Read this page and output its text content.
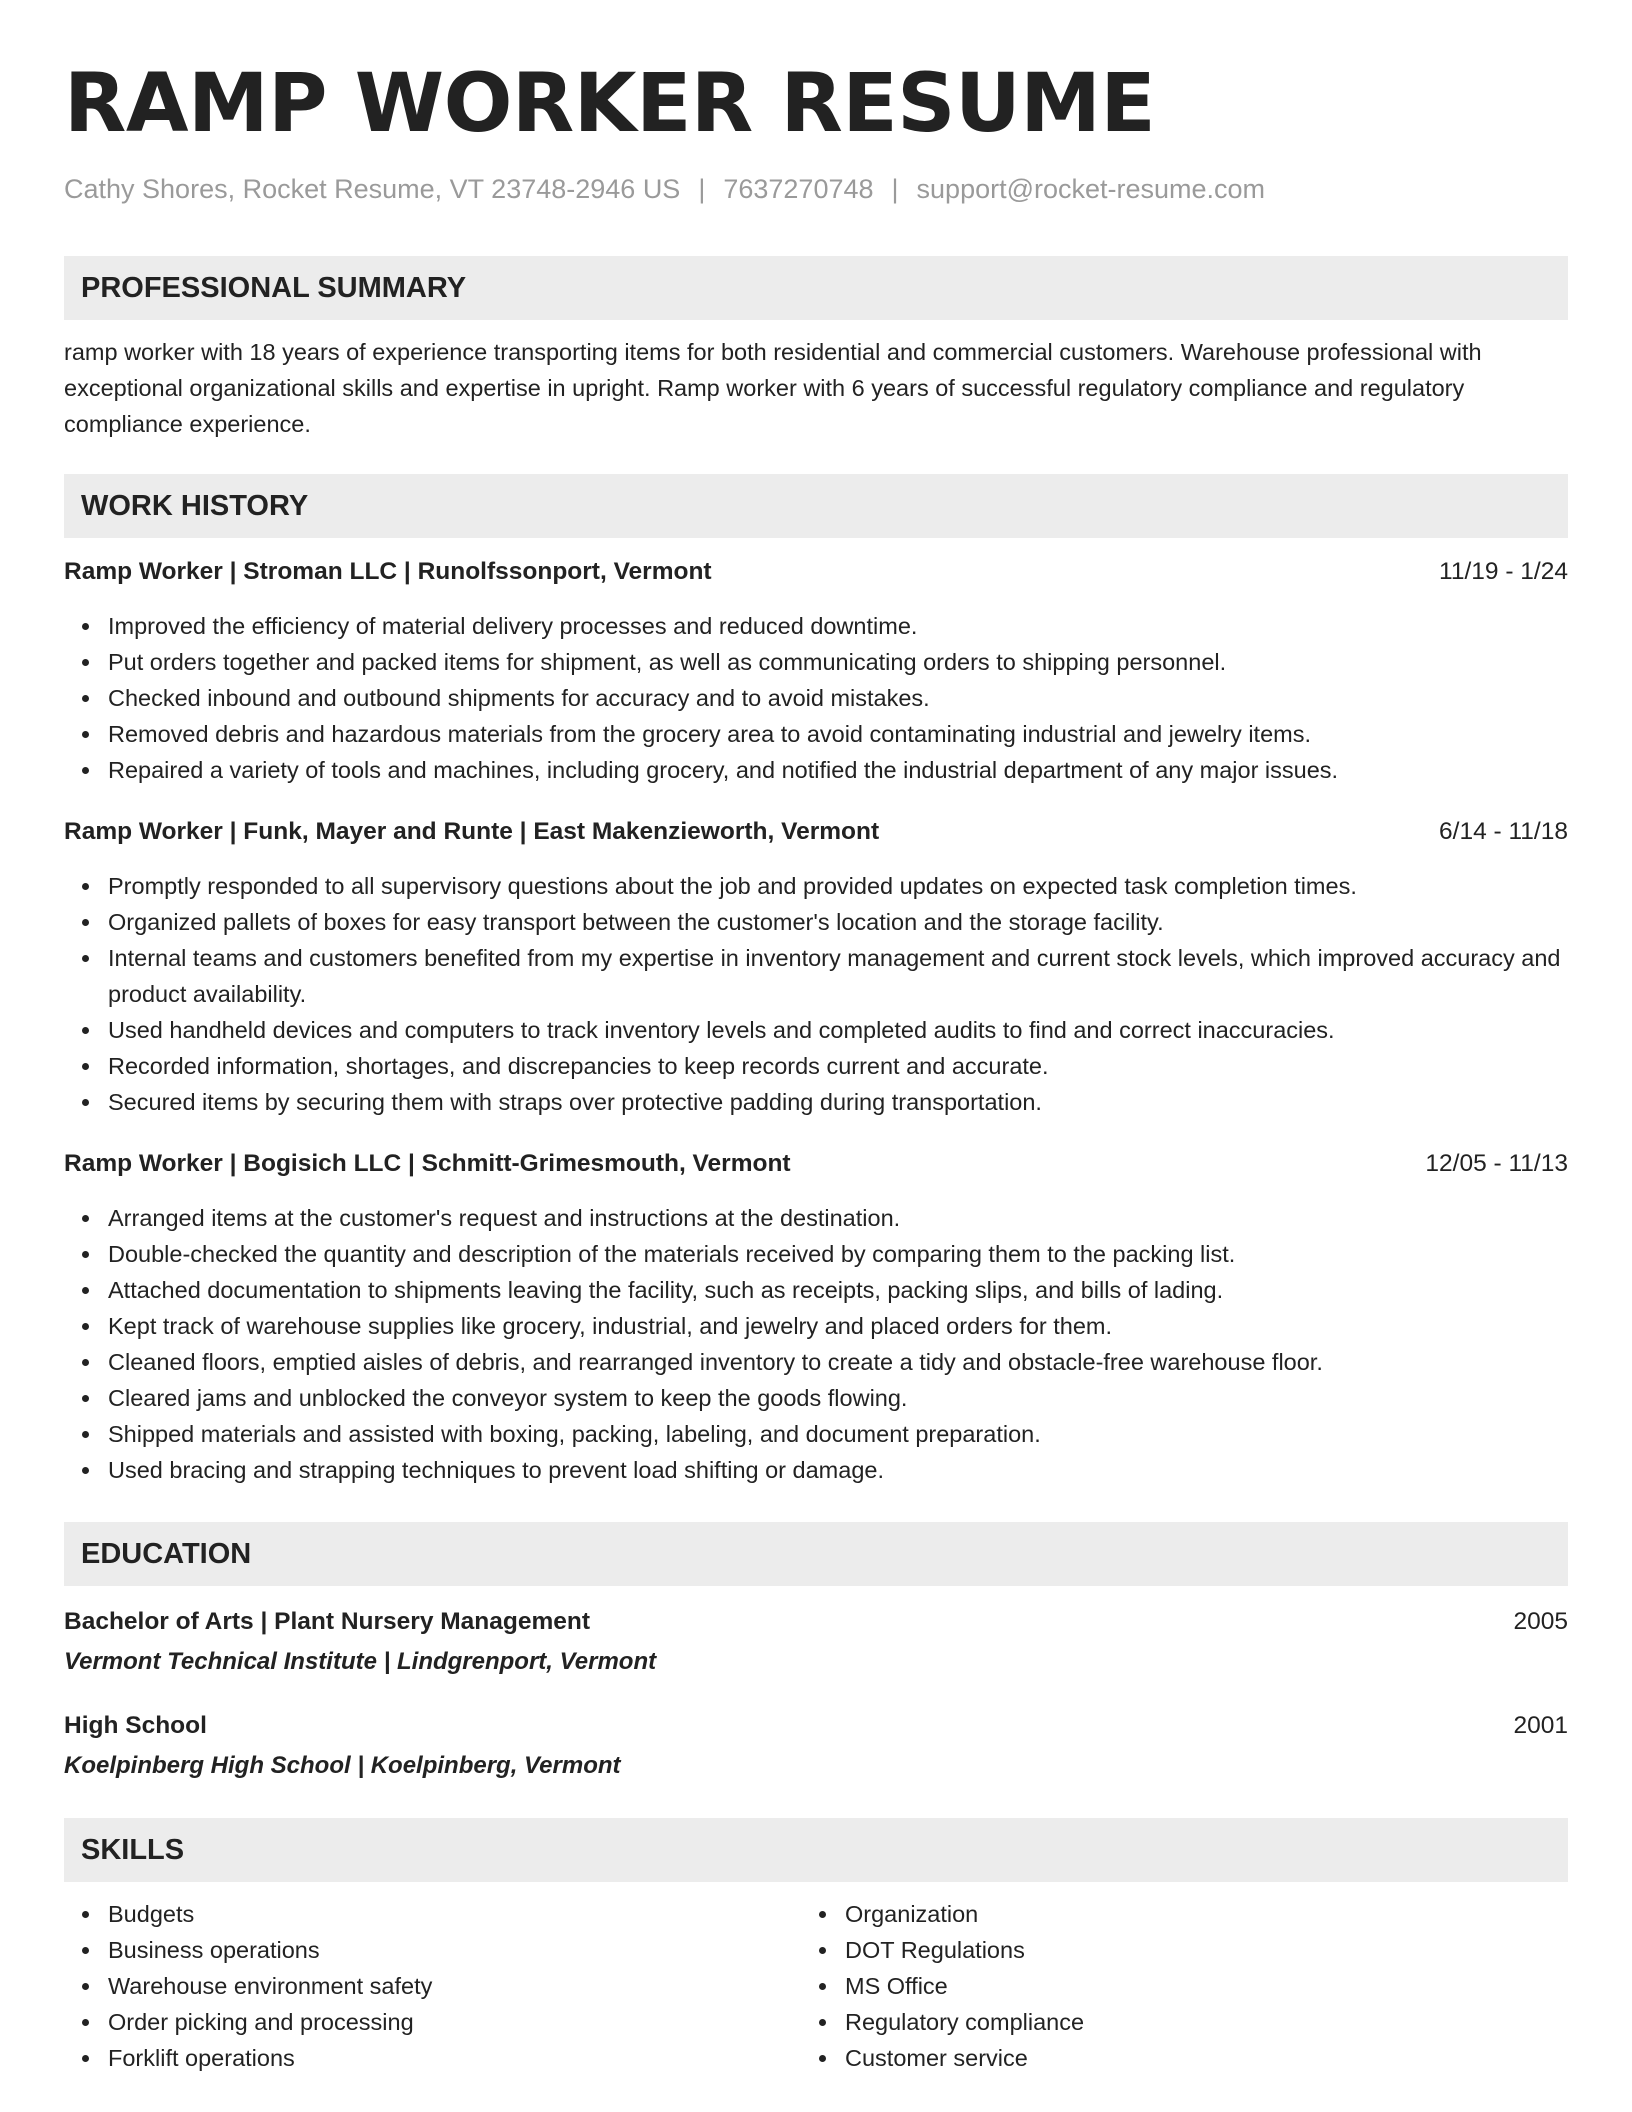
RAMP WORKER RESUME
Cathy Shores, Rocket Resume, VT 23748-2946 US | 7637270748 | support@rocket-resume.com
PROFESSIONAL SUMMARY

ramp worker with 18 years of experience transporting items for both residential and commercial customers. Warehouse professional with exceptional organizational skills and expertise in upright. Ramp worker with 6 years of successful regulatory compliance and regulatory compliance experience.

WORK HISTORY
Ramp Worker | Stroman LLC | Runolfssonport, Vermont	11/19 - 1/24
Improved the efficiency of material delivery processes and reduced downtime.
Put orders together and packed items for shipment, as well as communicating orders to shipping personnel.
Checked inbound and outbound shipments for accuracy and to avoid mistakes.
Removed debris and hazardous materials from the grocery area to avoid contaminating industrial and jewelry items.
Repaired a variety of tools and machines, including grocery, and notified the industrial department of any major issues.
Ramp Worker | Funk, Mayer and Runte | East Makenzieworth, Vermont	6/14 - 11/18
Promptly responded to all supervisory questions about the job and provided updates on expected task completion times.
Organized pallets of boxes for easy transport between the customer's location and the storage facility.
Internal teams and customers benefited from my expertise in inventory management and current stock levels, which improved accuracy and product availability.
Used handheld devices and computers to track inventory levels and completed audits to find and correct inaccuracies.
Recorded information, shortages, and discrepancies to keep records current and accurate.
Secured items by securing them with straps over protective padding during transportation.
Ramp Worker | Bogisich LLC | Schmitt-Grimesmouth, Vermont	12/05 - 11/13
Arranged items at the customer's request and instructions at the destination.
Double-checked the quantity and description of the materials received by comparing them to the packing list.
Attached documentation to shipments leaving the facility, such as receipts, packing slips, and bills of lading.
Kept track of warehouse supplies like grocery, industrial, and jewelry and placed orders for them.
Cleaned floors, emptied aisles of debris, and rearranged inventory to create a tidy and obstacle-free warehouse floor.
Cleared jams and unblocked the conveyor system to keep the goods flowing.
Shipped materials and assisted with boxing, packing, labeling, and document preparation.
Used bracing and strapping techniques to prevent load shifting or damage.
EDUCATION
Bachelor of Arts | Plant Nursery Management	2005
Vermont Technical Institute | Lindgrenport, Vermont
High School	2001
Koelpinberg High School | Koelpinberg, Vermont
SKILLS
Budgets
Business operations
Warehouse environment safety
Order picking and processing
Forklift operations
Organization
DOT Regulations
MS Office
Regulatory compliance
Customer service
